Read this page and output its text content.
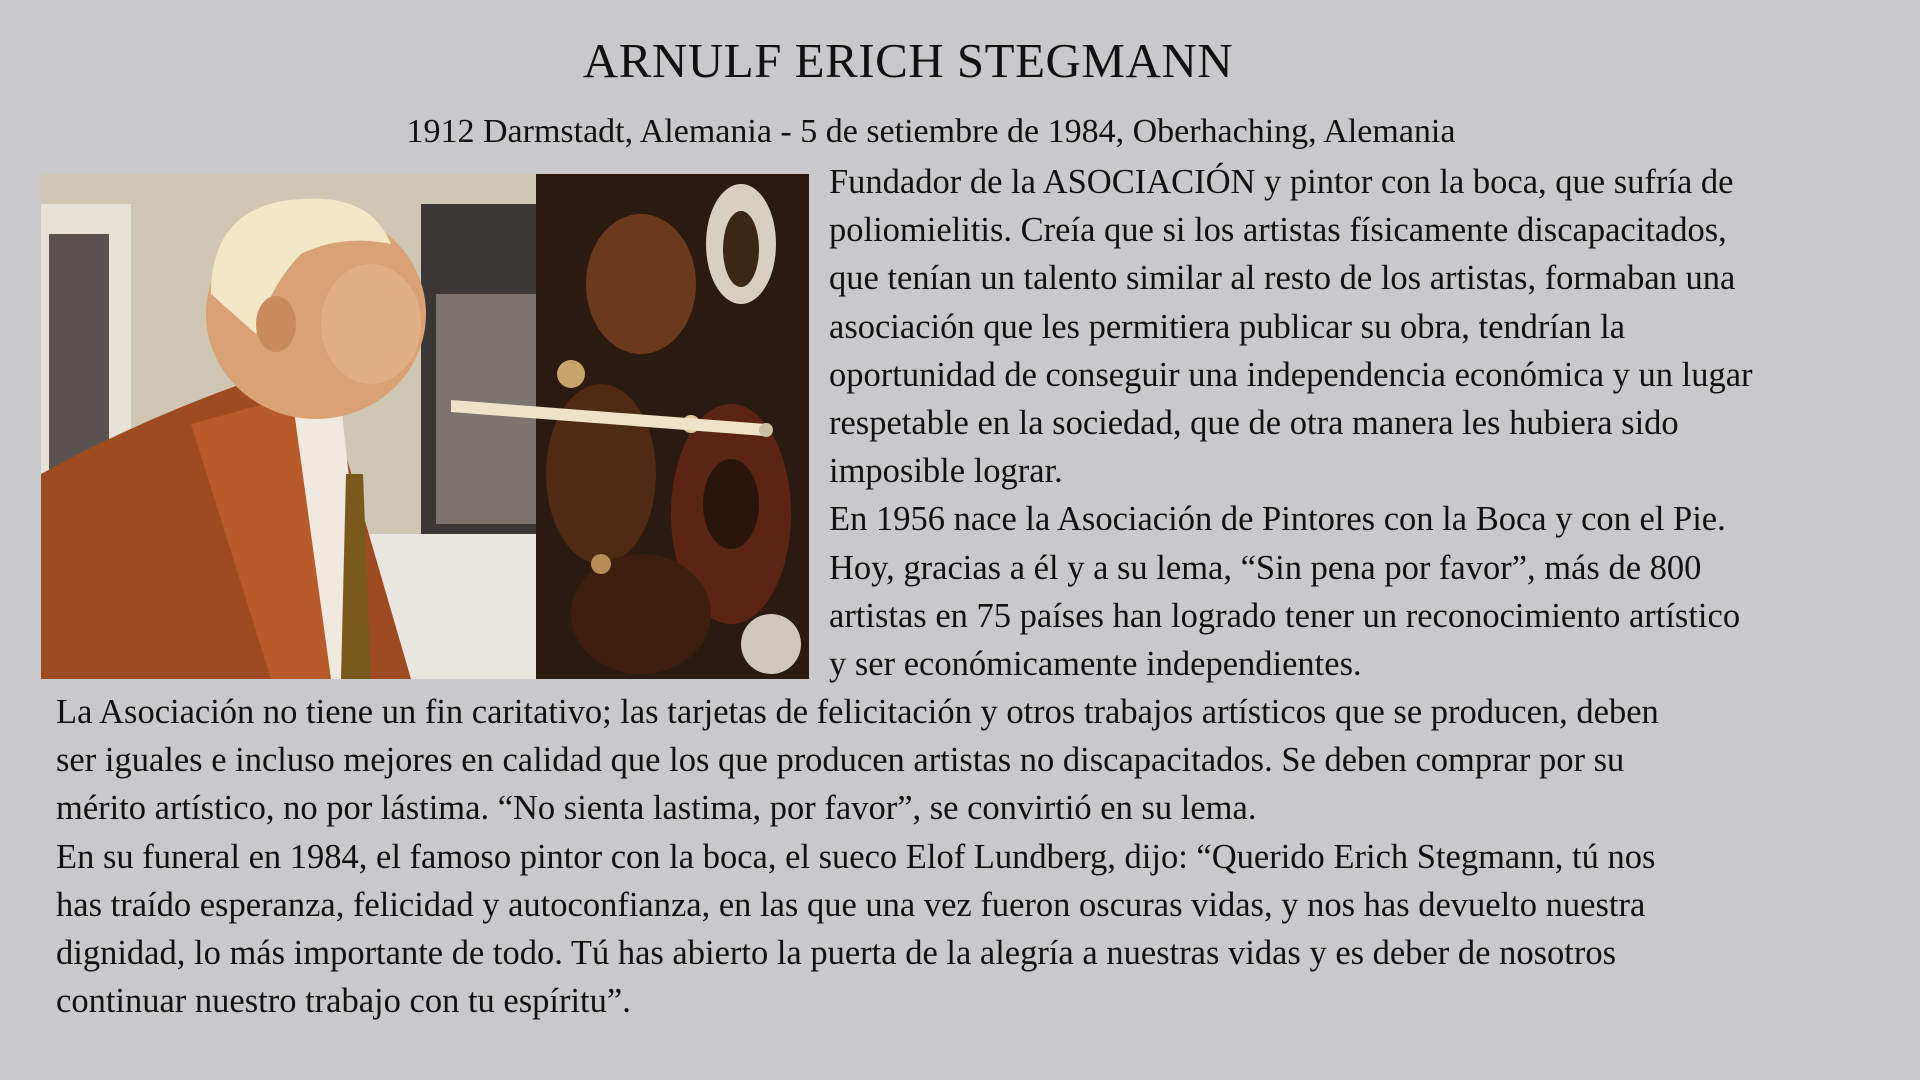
ARNULF ERICH STEGMANN
1912 Darmstadt, Alemania - 5 de setiembre de 1984, Oberhaching, Alemania

Fundador de la ASOCIACIÓN y pintor con la boca, que sufría de

poliomielitis. Creía que si los artistas físicamente discapacitados,

que tenían un talento similar al resto de los artistas, formaban una

asociación que les permitiera publicar su obra, tendrían la

oportunidad de conseguir una independencia económica y un lugar

respetable en la sociedad, que de otra manera les hubiera sido

imposible lograr.

En 1956 nace la Asociación de Pintores con la Boca y con el Pie.

Hoy, gracias a él y a su lema, “Sin pena por favor”, más de 800

artistas en 75 países han logrado tener un reconocimiento artístico

y ser económicamente independientes.

La Asociación no tiene un fin caritativo; las tarjetas de felicitación y otros trabajos artísticos que se producen, deben

ser iguales e incluso mejores en calidad que los que producen artistas no discapacitados. Se deben comprar por su

mérito artístico, no por lástima. “No sienta lastima, por favor”, se convirtió en su lema.

En su funeral en 1984, el famoso pintor con la boca, el sueco Elof Lundberg, dijo: “Querido Erich Stegmann, tú nos

has traído esperanza, felicidad y autoconfianza, en las que una vez fueron oscuras vidas, y nos has devuelto nuestra

dignidad, lo más importante de todo. Tú has abierto la puerta de la alegría a nuestras vidas y es deber de nosotros

continuar nuestro trabajo con tu espíritu”.
